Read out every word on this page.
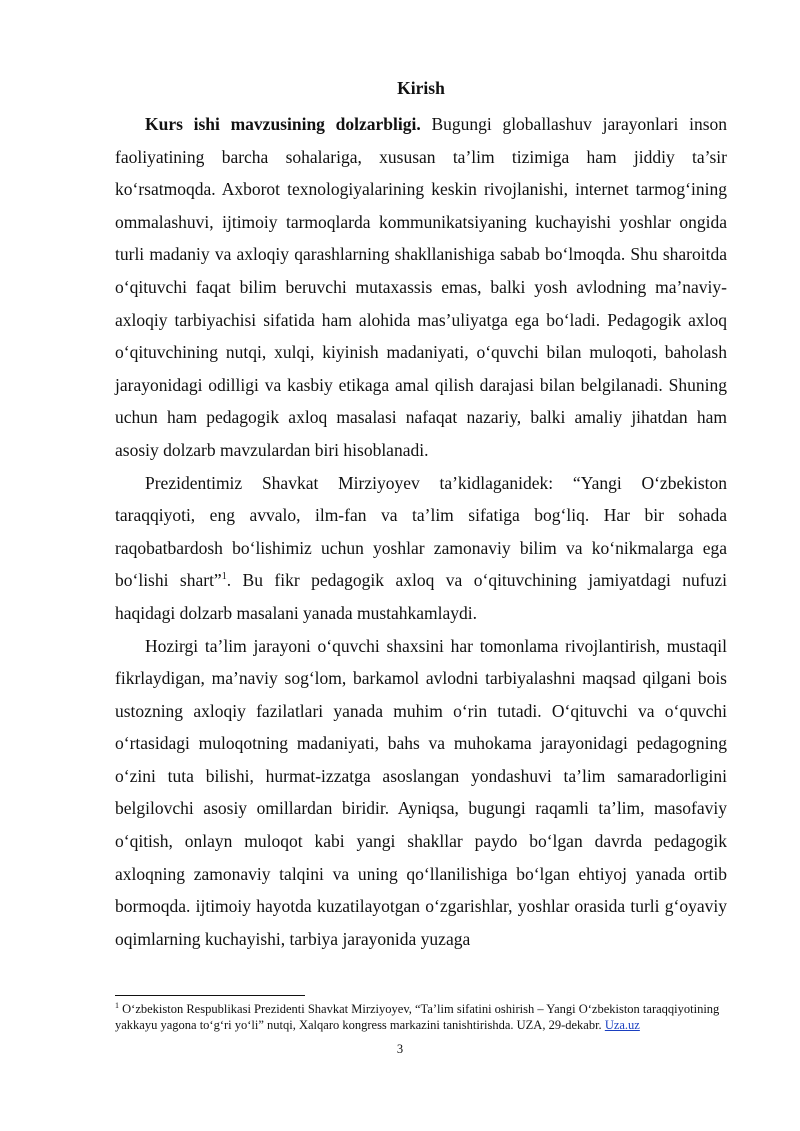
Kirish

Kurs ishi mavzusining dolzarbligi. Bugungi globallashuv jarayonlari inson faoliyatining barcha sohalariga, xususan ta’lim tizimiga ham jiddiy ta’sir ko‘rsatmoqda. Axborot texnologiyalarining keskin rivojlanishi, internet tarmog‘ining ommalashuvi, ijtimoiy tarmoqlarda kommunikatsiyaning kuchayishi yoshlar ongida turli madaniy va axloqiy qarashlarning shakllanishiga sabab bo‘lmoqda. Shu sharoitda o‘qituvchi faqat bilim beruvchi mutaxassis emas, balki yosh avlodning ma’naviy-axloqiy tarbiyachisi sifatida ham alohida mas’uliyatga ega bo‘ladi. Pedagogik axloq o‘qituvchining nutqi, xulqi, kiyinish madaniyati, o‘quvchi bilan muloqoti, baholash jarayonidagi odilligi va kasbiy etikaga amal qilish darajasi bilan belgilanadi. Shuning uchun ham pedagogik axloq masalasi nafaqat nazariy, balki amaliy jihatdan ham asosiy dolzarb mavzulardan biri hisoblanadi.

Prezidentimiz Shavkat Mirziyoyev ta’kidlaganidek: “Yangi O‘zbekiston taraqqiyoti, eng avvalo, ilm-fan va ta’lim sifatiga bog‘liq. Har bir sohada raqobatbardosh bo‘lishimiz uchun yoshlar zamonaviy bilim va ko‘nikmalarga ega bo‘lishi shart”$^1$. Bu fikr pedagogik axloq va o‘qituvchining jamiyatdagi nufuzi haqidagi dolzarb masalani yanada mustahkamlaydi.

Hozirgi ta’lim jarayoni o‘quvchi shaxsini har tomonlama rivojlantirish, mustaqil fikrlaydigan, ma’naviy sog‘lom, barkamol avlodni tarbiyalashni maqsad qilgani bois ustozning axloqiy fazilatlari yanada muhim o‘rin tutadi. O‘qituvchi va o‘quvchi o‘rtasidagi muloqotning madaniyati, bahs va muhokama jarayonidagi pedagogning o‘zini tuta bilishi, hurmat-izzatga asoslangan yondashuvi ta’lim samaradorligini belgilovchi asosiy omillardan biridir. Ayniqsa, bugungi raqamli ta’lim, masofaviy o‘qitish, onlayn muloqot kabi yangi shakllar paydo bo‘lgan davrda pedagogik axloqning zamonaviy talqini va uning qo‘llanilishiga bo‘lgan ehtiyoj yanada ortib bormoqda. ijtimoiy hayotda kuzatilayotgan o‘zgarishlar, yoshlar orasida turli g‘oyaviy oqimlarning kuchayishi, tarbiya jarayonida yuzaga

$^1$ O‘zbekiston Respublikasi Prezidenti Shavkat Mirziyoyev, “Ta’lim sifatini oshirish – Yangi O‘zbekiston taraqqiyotining yakkayu yagona to‘g‘ri yo‘li” nutqi, Xalqaro kongress markazini tanishtirishda. UZA, 29-dekabr. Uza.uz
3
